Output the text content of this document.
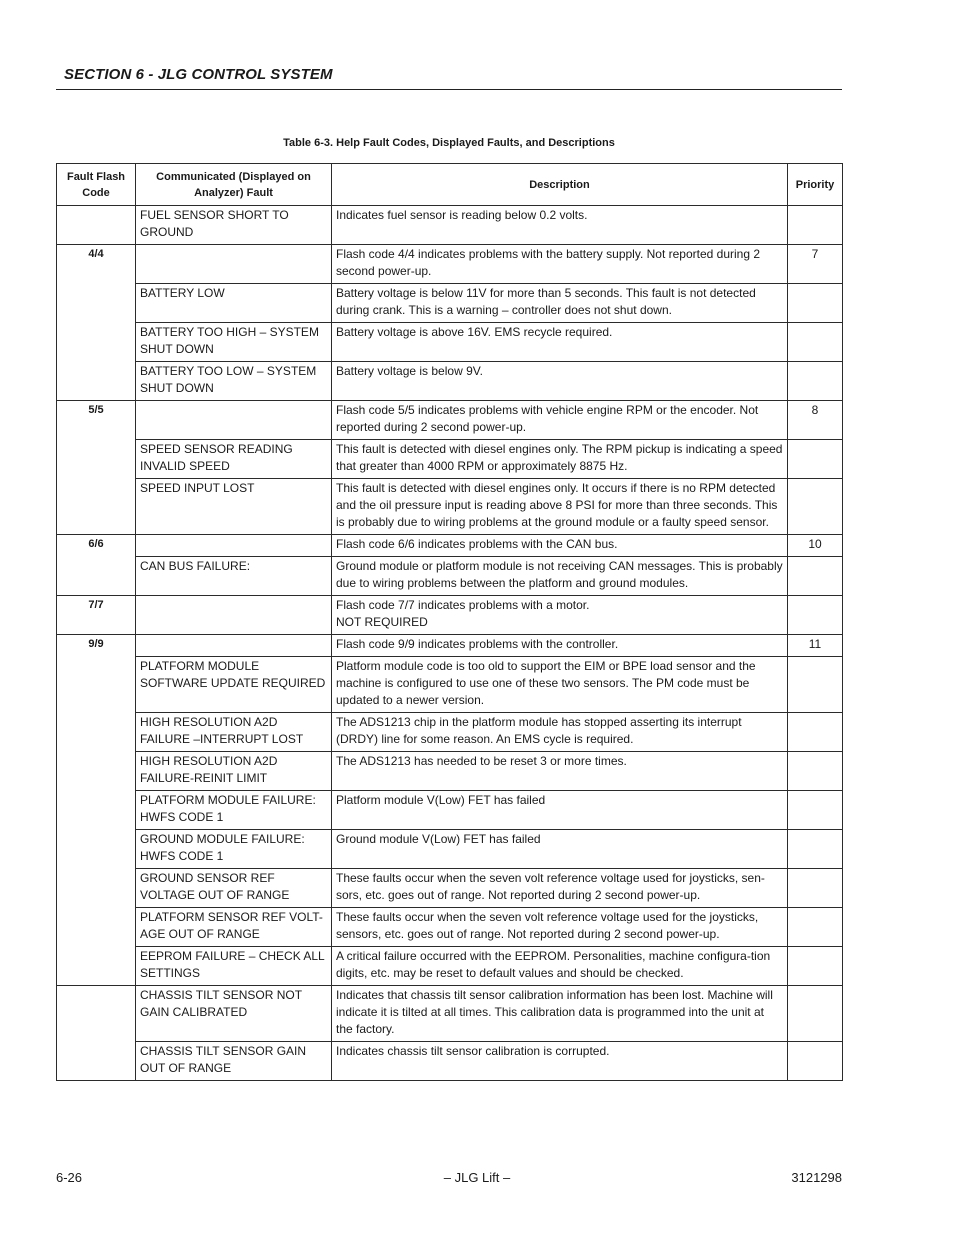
SECTION 6 - JLG CONTROL SYSTEM
Table 6-3. Help Fault Codes, Displayed Faults, and Descriptions
Fault Flash Code	Communicated (Displayed on Analyzer) Fault	Description	Priority
	FUEL SENSOR SHORT TO GROUND	Indicates fuel sensor is reading below 0.2 volts.	
4/4		Flash code 4/4 indicates problems with the battery supply. Not reported during 2 second power-up.	7
	BATTERY LOW	Battery voltage is below 11V for more than 5 seconds. This fault is not detected during crank. This is a warning – controller does not shut down.	
	BATTERY TOO HIGH – SYSTEM SHUT DOWN	Battery voltage is above 16V. EMS recycle required.	
	BATTERY TOO LOW – SYSTEM SHUT DOWN	Battery voltage is below 9V.	
5/5		Flash code 5/5 indicates problems with vehicle engine RPM or the encoder. Not reported during 2 second power-up.	8
	SPEED SENSOR READING INVALID SPEED	This fault is detected with diesel engines only. The RPM pickup is indicating a speed that greater than 4000 RPM or approximately 8875 Hz.	
	SPEED INPUT LOST	This fault is detected with diesel engines only. It occurs if there is no RPM detected and the oil pressure input is reading above 8 PSI for more than three seconds. This is probably due to wiring problems at the ground module or a faulty speed sensor.	
6/6		Flash code 6/6 indicates problems with the CAN bus.	10
	CAN BUS FAILURE:	Ground module or platform module is not receiving CAN messages. This is probably due to wiring problems between the platform and ground modules.	
7/7		Flash code 7/7 indicates problems with a motor.
NOT REQUIRED	
9/9		Flash code 9/9 indicates problems with the controller.	11
	PLATFORM MODULE SOFTWARE UPDATE REQUIRED	Platform module code is too old to support the EIM or BPE load sensor and the machine is configured to use one of these two sensors. The PM code must be updated to a newer version.	
	HIGH RESOLUTION A2D FAILURE –INTERRUPT LOST	The ADS1213 chip in the platform module has stopped asserting its interrupt (DRDY) line for some reason. An EMS cycle is required.	
	HIGH RESOLUTION A2D FAILURE-REINIT LIMIT	The ADS1213 has needed to be reset 3 or more times.	
	PLATFORM MODULE FAILURE: HWFS CODE 1	Platform module V(Low) FET has failed	
	GROUND MODULE FAILURE: HWFS CODE 1	Ground module V(Low) FET has failed	
	GROUND SENSOR REF VOLTAGE OUT OF RANGE	These faults occur when the seven volt reference voltage used for joysticks, sen-sors, etc. goes out of range. Not reported during 2 second power-up.	
	PLATFORM SENSOR REF VOLT-AGE OUT OF RANGE	These faults occur when the seven volt reference voltage used for the joysticks, sensors, etc. goes out of range. Not reported during 2 second power-up.	
	EEPROM FAILURE – CHECK ALL SETTINGS	A critical failure occurred with the EEPROM. Personalities, machine configura-tion digits, etc. may be reset to default values and should be checked.	
	CHASSIS TILT SENSOR NOT GAIN CALIBRATED	Indicates that chassis tilt sensor calibration information has been lost. Machine will indicate it is tilted at all times. This calibration data is programmed into the unit at the factory.	
	CHASSIS TILT SENSOR GAIN OUT OF RANGE	Indicates chassis tilt sensor calibration is corrupted.	
6-26	– JLG Lift –	3121298
